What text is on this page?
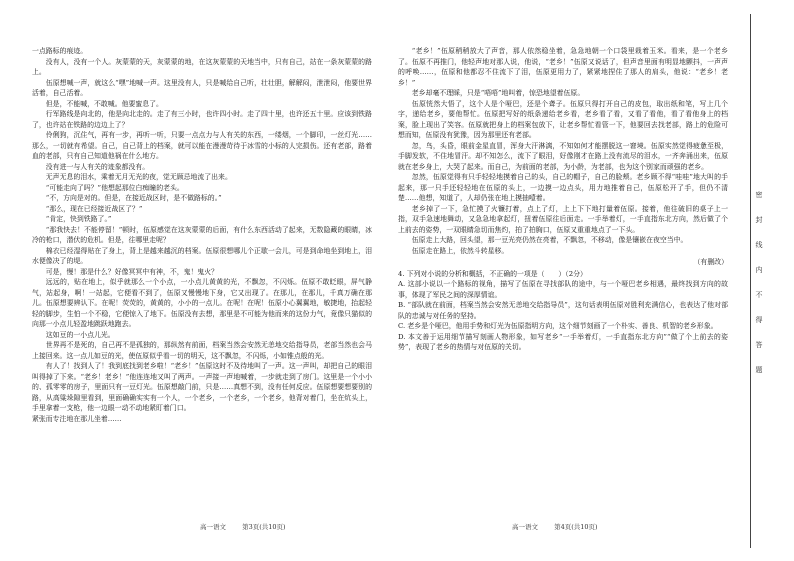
一点路标的痕迹。

没有人，没有一个人。灰蒙蒙的天，灰蒙蒙的地，在这灰蒙蒙的天地当中，只有自己，站在一条灰蒙蒙的路上。

伍原想喊一声，就这么“嘿”地喊一声。这里没有人，只是喊给自己听，壮壮胆，解解闷，泄泄闷，他要世界活着，自己活着。

但是，不能喊，不敢喊。他要蜜息了。

行军路线是向北的，他是向北走的。走了有三小时，也许四小时。走了四十里，也许还五十里。应该到铁路了，也许站在铁路的边边上了？

伶俐狗，沉住气，再有一步，再听一听，只要一点点力与人有关的东西，一缕烟，一个脚印，一丝灯光……那么，一切就有希望。自己，自己背上的档案，就可以能在漫漫苛待于冰雪的小标的人完损伤。还有老部，路着血的老部，只有自己知道他祸在什么地方。

没有进一与人有关的迹象都没有。

无声无息的泪水，乘着无月无光的夜，觉无顾忌地流了出来。

“可能走向了吗？”他想起那位白痴瞳的老头。

“不，方向是对的。但是，在接近战区时，是不做路标的。”

“那么，现在已经接近战区了？”

“肯定，快到铁路了。”

“那我快去！不能停留！”顿时，伍原感觉在这灰蒙蒙的后面，有什么东西活动了起来，无数隐藏的眼睛，冰冷的枪口，潜伏的危机。但是，往哪里走呢？

棉衣已经湿得贴在了身上，背上是越来越沉的档案。伍原很想哪儿个正歇一会儿，可是到命地坐到地上，泪水便像决了的堤。

可是，慢！那是什么？好像冥冥中有神，不，鬼！鬼火？

远远的，贴在地上，似乎就那么一个小点，一小点儿黄黄的光，不飘忽，不闪烁。伍原不敢眨眼，屏气静气，站起身，啊！一站起，它便看不到了，伍原又慢慢地下身，它又出现了。在那儿，在那儿，千真万确在那儿。伍原想要辨认下。在呢！荧荧的，黄黄的，小小的一点儿。在呢！在呢！伍原小心翼翼地，敏捷地，抬起轻轻的脚步，生怕一个不稳，它便惊入了地下。伍原没有去想，那里是不可能为他而来的这份力气，竟像只猫似的向那一小点儿轻盈地跳跃地跑去。

这如豆的一小点儿光。

世界再不是死的，自己再不是孤独的，那纵然有前面，档案当然会安然无恙地交给指导员，老部当然也会马上接回来。这一点儿如豆的光，使伍原似乎看一切的明天，这不飘忽，不闪烁，小如锥点般的光。

有人了！找到人了！我到底找到老乡啦！“老乡！”伍原这时不及待地叫了一声。这一声叫，却把自己的眼泪叫得掉了下来。“老乡！老乡！”他连连地又叫了两声。一声接一声地喊着，一步就走到了房门。这里是一个小小的、孤零零的房子，里面只有一豆灯光。伍原想敲门前，只是……真想不到，没有任何反应。伍原想要想要别的路，从高粱垛隙里看到，里面确确实实有一个人，一个老乡，一个老乡，一个老乡，他背对着门，坐在炕头上，手里拿着一支枪，他一边眼一动不动地紧盯着门口。

紧张而专注地在那儿坐着……

“老乡！”伍原稍稍放大了声音，那人依然稳坐着，急急地朝一个口袋里栽着玉米。看来，是一个老乡了。伍原不再推门，他轻声地对那人说，他说，“老乡！”伍原又说话了，但声音里面有明显地颤抖，一声声的呼唤……，伍原和他都忍不住流下了泪，伍原更用力了，紧紧地捏住了那人的肩头，他说：“老乡！老乡！”

老乡却毫不理睬，只是“唔唔”地叫着，惊恐地望着伍原。

伍原恍然大悟了，这个人是个哑巴，还是个聋子。伍原只得打开自己的皮包，取出纸和笔，写上几个字，递给老乡，要他帮忙。伍原把写好的纸条递给老乡看，老乡看了看，又看了看他，看了看他身上的档案，脸上现出了笑容。伍原就把身上的档案包放下，让老乡帮忙看管一下，他要回去找老部，路上的危险可想而知，伍原没有犹豫，因为那里还有老部。

忽，鸟，头昏，眼前金星直冒，浑身大汗淋漓，不知如何才能摆脱这一窘境。伍原实然觉得疲惫至极，手脚发软，不住地冒汗。却不知怎么，流下了眼泪，好像刚才在路上没有流尽的泪水，一齐奔涌出来，伍原就在老乡身上，大哭了起来。而自己，为前面的老部，为小龄，为老部，也为这个别家而顽强的老乡。

忽然，伍原觉得有只手轻轻地摸着自己的头，自己的帽子，自己的脸颊。老乡顾不得“哇哇”地大叫的手起来，那一只手还轻轻地在伍原的头上，一边摸一边点头，用力地推着自己，伍原松开了手，但仍不清楚……他想，知道了，人却仍张在地上摸抽噎着。

老乡掉了一下，急忙摸了火镰打着，点上了灯，上上下下地打量着伍原。接着，他往破旧的桌子上一指，双手急速地舞动，又急急地拿起灯，扭着伍原往后面走。一手举着灯，一手直指东北方向，然后做了个上前去的姿势，一双眼睛急切而焦灼，拍了拍胸口，伍原又重重地点了一下头。

伍原走上大路，回头望，那一豆光亮仍然在亮着，不飘忽，不移动，像是镶嵌在夜空当中。

伍原走在路上，依然斗转星移。

（有删改）

4. 下列对小说的分析和概括，不正确的一项是（　　）（2分）

A. 这部小说以一个路标的视角，描写了伍原在寻找部队的途中，与一个哑巴老乡相遇，最终找到方向的故事，体现了军民之间的深厚情谊。

B. “部队就在前面，档案当然会安然无恙地交给指导员”，这句话表明伍原对胜利充满信心，也表达了他对部队的忠诚与对任务的坚持。

C. 老乡是个哑巴，他用手势和灯光为伍原指明方向，这个细节刻画了一个朴实、善良、机智的老乡形象。

D. 本文善于运用细节描写刻画人物形象，如写老乡“一手举着灯，一手直指东北方向”“做了个上前去的姿势”，表现了老乡的热情与对伍原的关切。

高一语文 第3页(共10页)	高一语文 第4页(共10页)
密
封
线
内
不
得
答
题
